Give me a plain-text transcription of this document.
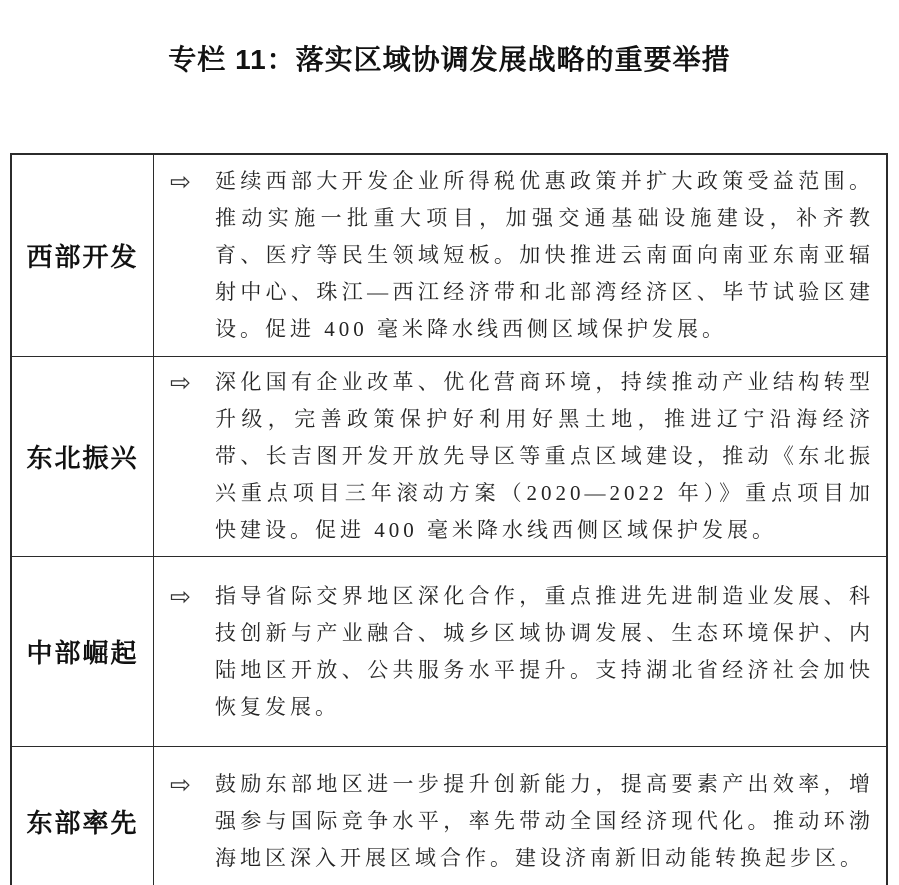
专栏 11：落实区域协调发展战略的重要举措
西部开发
⇨ 延续西部大开发企业所得税优惠政策并扩大政策受益范围。推动实施一批重大项目，加强交通基础设施建设，补齐教育、医疗等民生领域短板。加快推进云南面向南亚东南亚辐射中心、珠江—西江经济带和北部湾经济区、毕节试验区建设。促进 400 毫米降水线西侧区域保护发展。

东北振兴
⇨ 深化国有企业改革、优化营商环境，持续推动产业结构转型升级，完善政策保护好利用好黑土地，推进辽宁沿海经济带、长吉图开发开放先导区等重点区域建设，推动《东北振兴重点项目三年滚动方案（2020—2022 年）》重点项目加快建设。促进 400 毫米降水线西侧区域保护发展。

中部崛起
⇨ 指导省际交界地区深化合作，重点推进先进制造业发展、科技创新与产业融合、城乡区域协调发展、生态环境保护、内陆地区开放、公共服务水平提升。支持湖北省经济社会加快恢复发展。

东部率先
⇨ 鼓励东部地区进一步提升创新能力，提高要素产出效率，增强参与国际竞争水平，率先带动全国经济现代化。推动环渤海地区深入开展区域合作。建设济南新旧动能转换起步区。
